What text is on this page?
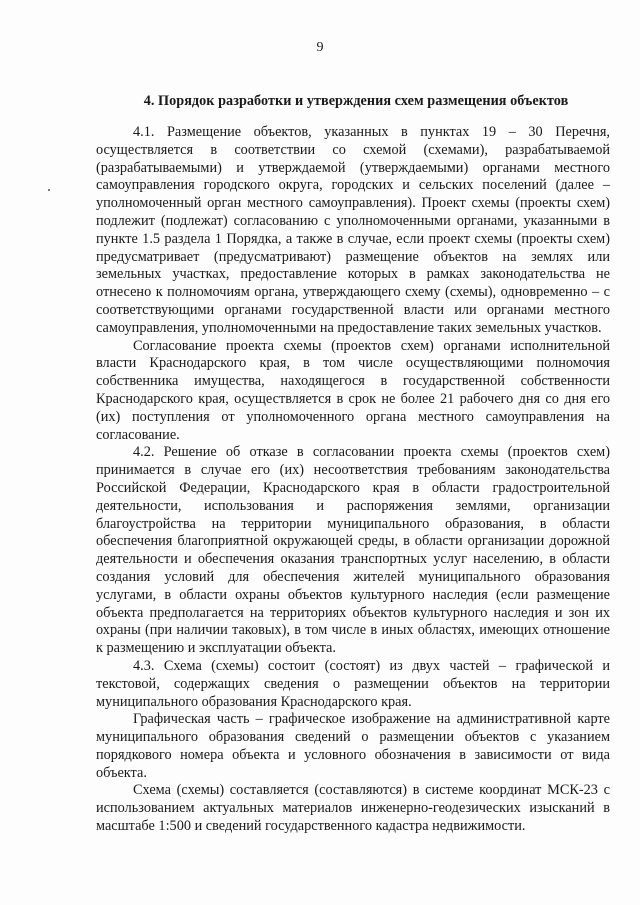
9
4. Порядок разработки и утверждения схем размещения объектов

4.1. Размещение объектов, указанных в пунктах 19 – 30 Перечня, осуществляется в соответствии со схемой (схемами), разрабатываемой (разрабатываемыми) и утверждаемой (утверждаемыми) органами местного самоуправления городского округа, городских и сельских поселений (далее – уполномоченный орган местного самоуправления). Проект схемы (проекты схем) подлежит (подлежат) согласованию с уполномоченными органами, указанными в пункте 1.5 раздела 1 Порядка, а также в случае, если проект схемы (проекты схем) предусматривает (предусматривают) размещение объектов на землях или земельных участках, предоставление которых в рамках законодательства не отнесено к полномочиям органа, утверждающего схему (схемы), одновременно – с соответствующими органами государственной власти или органами местного самоуправления, уполномоченными на предоставление таких земельных участков.

Согласование проекта схемы (проектов схем) органами исполнительной власти Краснодарского края, в том числе осуществляющими полномочия собственника имущества, находящегося в государственной собственности Краснодарского края, осуществляется в срок не более 21 рабочего дня со дня его (их) поступления от уполномоченного органа местного самоуправления на согласование.

4.2. Решение об отказе в согласовании проекта схемы (проектов схем) принимается в случае его (их) несоответствия требованиям законодательства Российской Федерации, Краснодарского края в области градостроительной деятельности, использования и распоряжения землями, организации благоустройства на территории муниципального образования, в области обеспечения благоприятной окружающей среды, в области организации дорожной деятельности и обеспечения оказания транспортных услуг населению, в области создания условий для обеспечения жителей муниципального образования услугами, в области охраны объектов культурного наследия (если размещение объекта предполагается на территориях объектов культурного наследия и зон их охраны (при наличии таковых), в том числе в иных областях, имеющих отношение к размещению и эксплуатации объекта.

4.3. Схема (схемы) состоит (состоят) из двух частей – графической и текстовой, содержащих сведения о размещении объектов на территории муниципального образования Краснодарского края.

Графическая часть – графическое изображение на административной карте муниципального образования сведений о размещении объектов с указанием порядкового номера объекта и условного обозначения в зависимости от вида объекта.

Схема (схемы) составляется (составляются) в системе координат МСК-23 с использованием актуальных материалов инженерно-геодезических изысканий в масштабе 1:500 и сведений государственного кадастра недвижимости.
